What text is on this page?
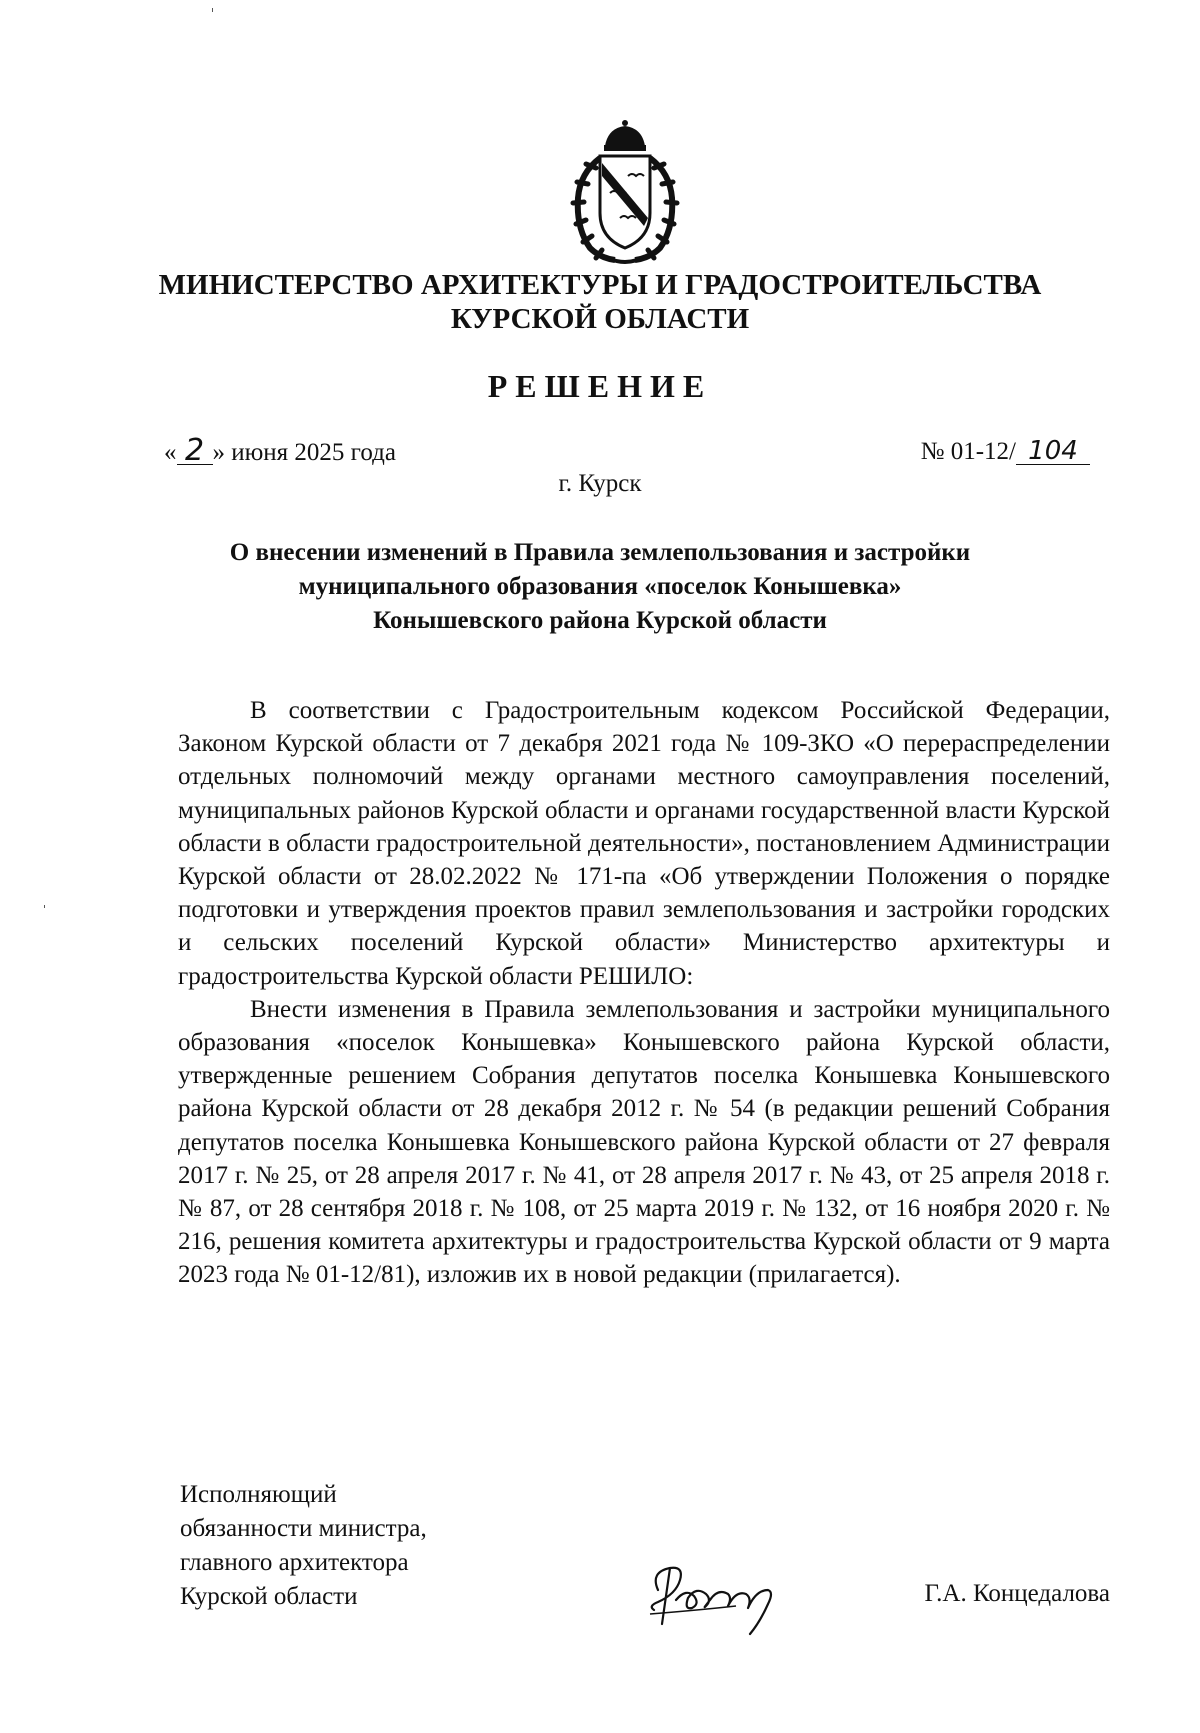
МИНИСТЕРСТВО АРХИТЕКТУРЫ И ГРАДОСТРОИТЕЛЬСТВА
КУРСКОЙ ОБЛАСТИ
РЕШЕНИЕ
« 2 » июня 2025 года	№ 01-12/ 104
г. Курск
О внесении изменений в Правила землепользования и застройки
муниципального образования «поселок Конышевка»
Конышевского района Курской области

В соответствии с Градостроительным кодексом Российской Федерации, Законом Курской области от 7 декабря 2021 года № 109-ЗКО «О перераспределении отдельных полномочий между органами местного самоуправления поселений, муниципальных районов Курской области и органами государственной власти Курской области в области градостроительной деятельности», постановлением Администрации Курской области от 28.02.2022 № 171-па «Об утверждении Положения о порядке подготовки и утверждения проектов правил землепользования и застройки городских и сельских поселений Курской области» Министерство архитектуры и градостроительства Курской области РЕШИЛО:

Внести изменения в Правила землепользования и застройки муниципального образования «поселок Конышевка» Конышевского района Курской области, утвержденные решением Собрания депутатов поселка Конышевка Конышевского района Курской области от 28 декабря 2012 г. № 54 (в редакции решений Собрания депутатов поселка Конышевка Конышевского района Курской области от 27 февраля 2017 г. № 25, от 28 апреля 2017 г. № 41, от 28 апреля 2017 г. № 43, от 25 апреля 2018 г. № 87, от 28 сентября 2018 г. № 108, от 25 марта 2019 г. № 132, от 16 ноября 2020 г. № 216, решения комитета архитектуры и градостроительства Курской области от 9 марта 2023 года № 01-12/81), изложив их в новой редакции (прилагается).

Исполняющий
обязанности министра,
главного архитектора
Курской области	Г.А. Концедалова
